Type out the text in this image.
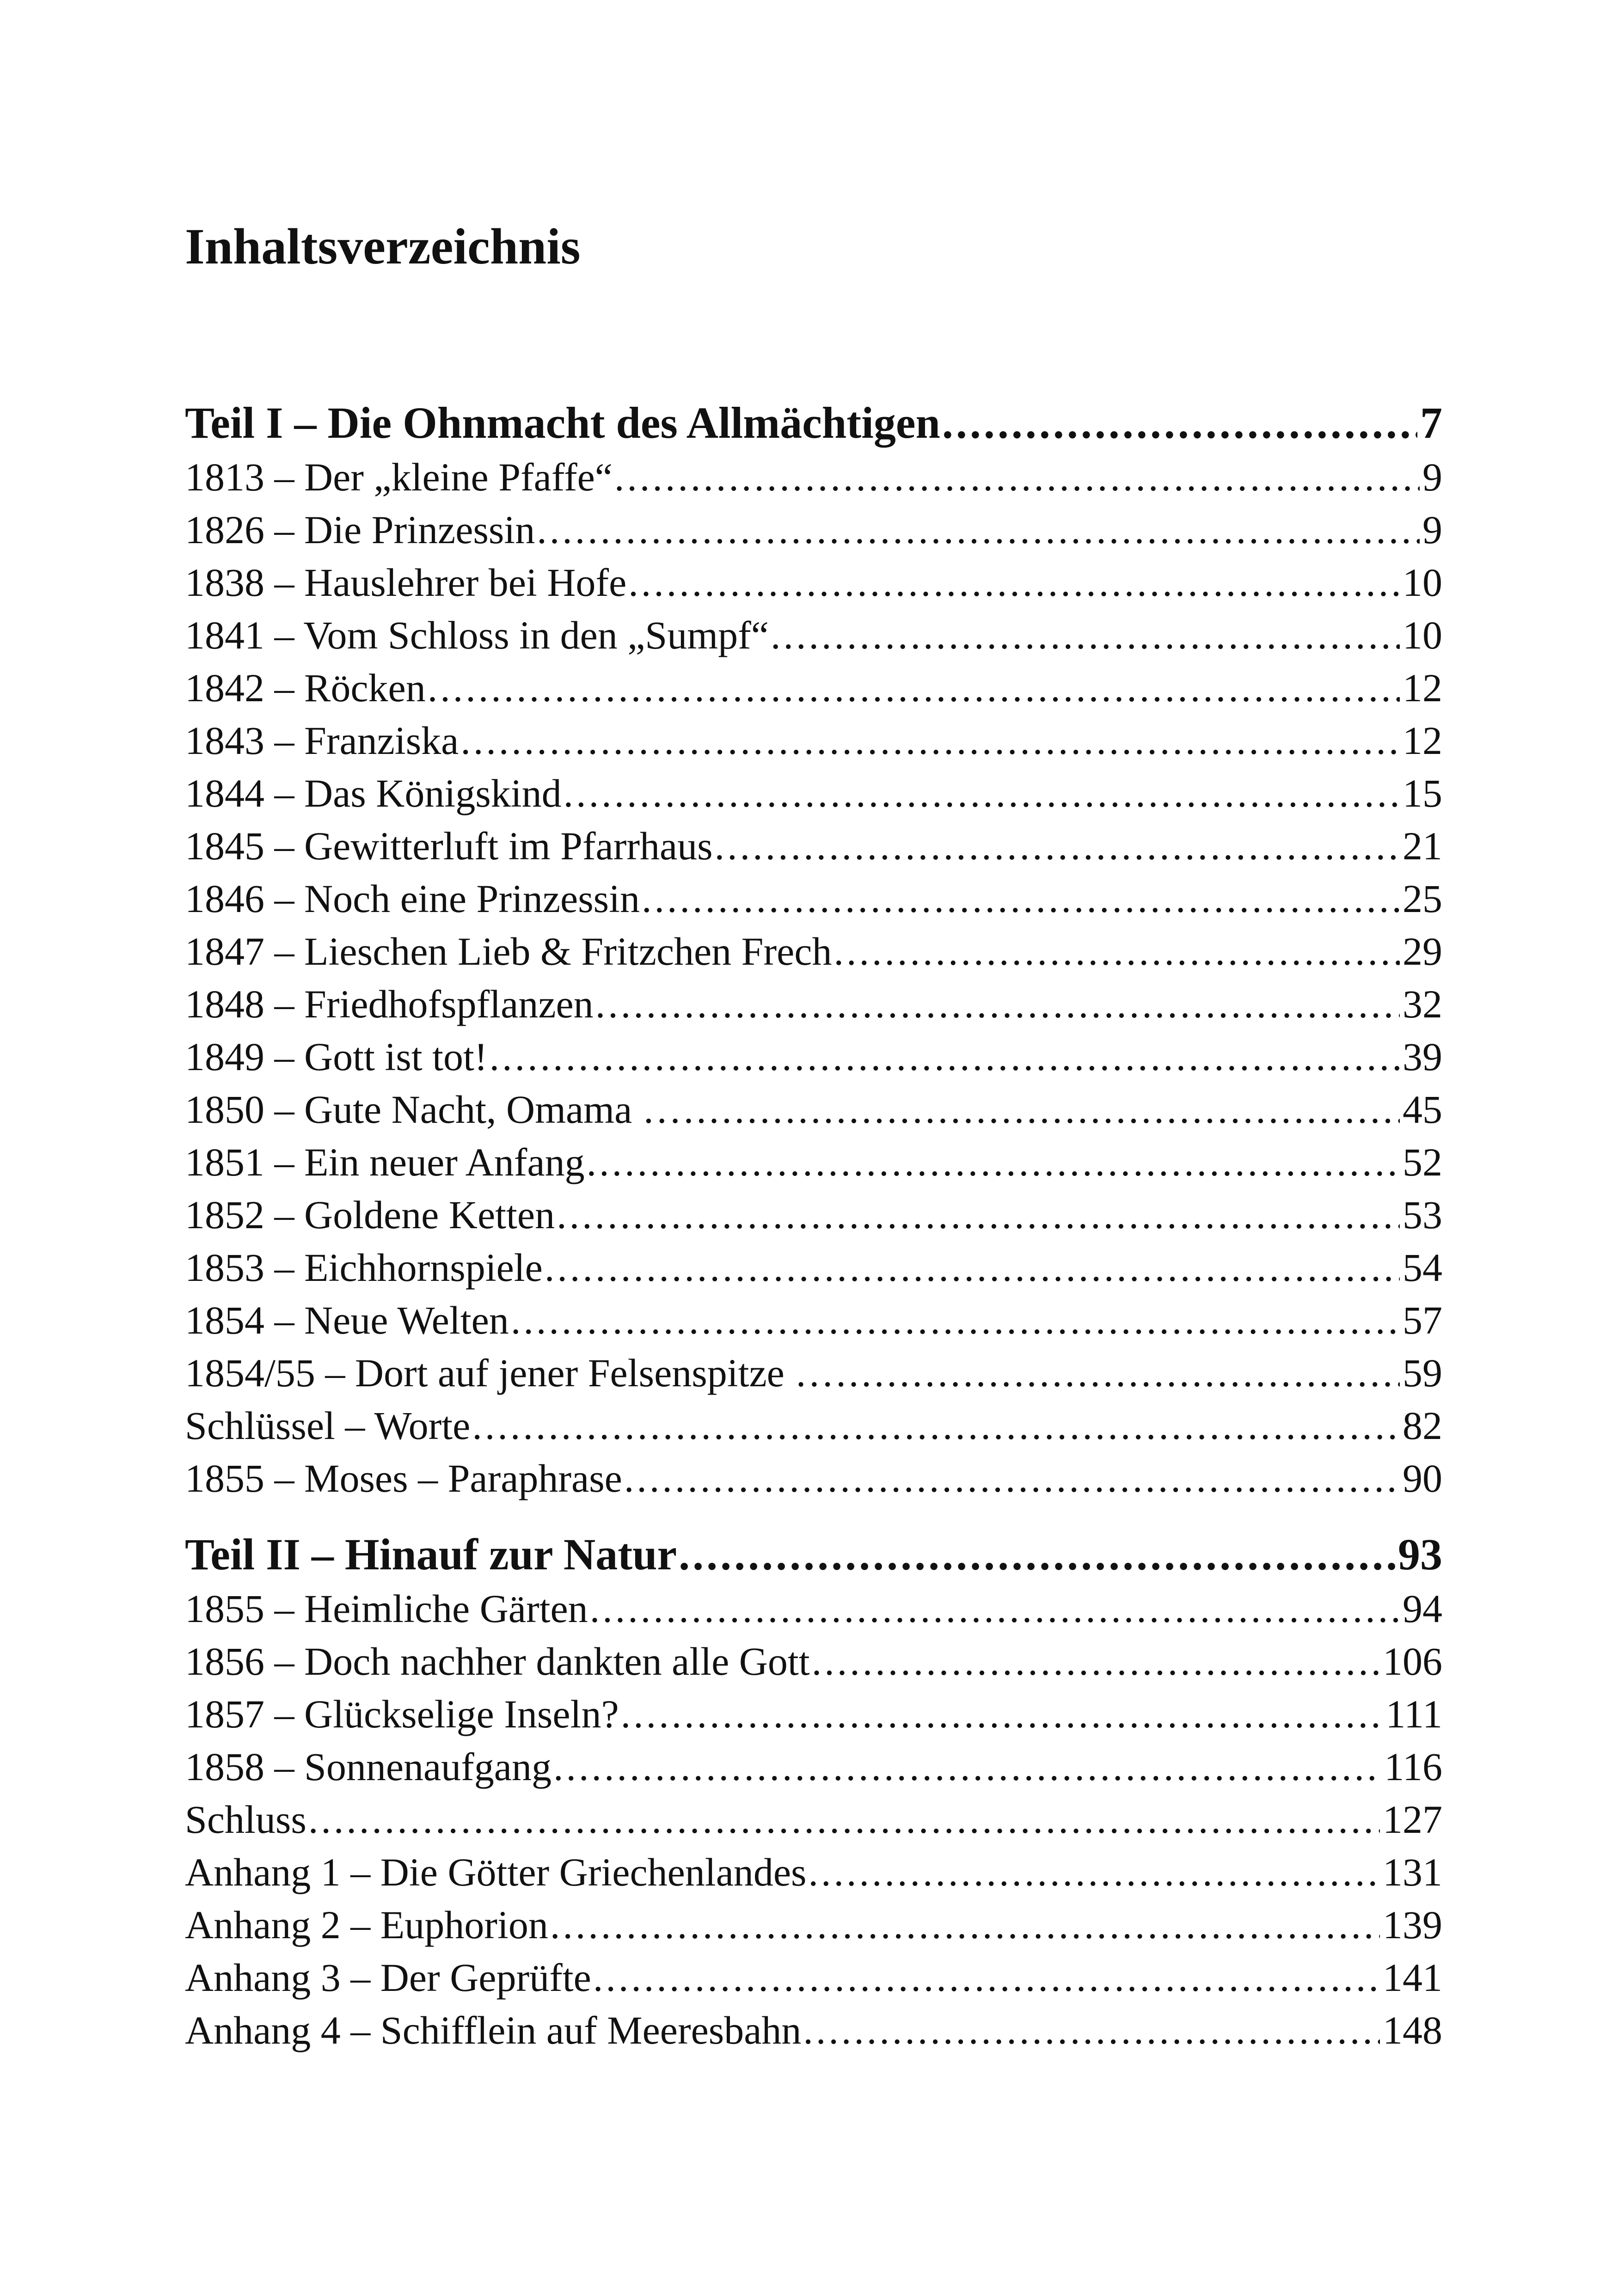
Inhaltsverzeichnis
Teil I – Die Ohnmacht des Allmächtigen .....	7
1813 – Der „kleine Pfaffe“ .....	9
1826 – Die Prinzessin .....	9
1838 – Hauslehrer bei Hofe .....	10
1841 – Vom Schloss in den „Sumpf“ .....	10
1842 – Röcken .....	12
1843 – Franziska .....	12
1844 – Das Königskind .....	15
1845 – Gewitterluft im Pfarrhaus .....	21
1846 – Noch eine Prinzessin .....	25
1847 – Lieschen Lieb & Fritzchen Frech .....	29
1848 – Friedhofspflanzen .....	32
1849 – Gott ist tot! .....	39
1850 – Gute Nacht, Omama … .....	45
1851 – Ein neuer Anfang .....	52
1852 – Goldene Ketten .....	53
1853 – Eichhornspiele .....	54
1854 – Neue Welten .....	57
1854/55 – Dort auf jener Felsenspitze … .....	59
Schlüssel – Worte .....	82
1855 – Moses – Paraphrase .....	90
Teil II – Hinauf zur Natur .....	93
1855 – Heimliche Gärten .....	94
1856 – Doch nachher dankten alle Gott .....	106
1857 – Glückselige Inseln? .....	111
1858 – Sonnenaufgang .....	116
Schluss .....	127
Anhang 1 – Die Götter Griechenlandes .....	131
Anhang 2 – Euphorion .....	139
Anhang 3 – Der Geprüfte .....	141
Anhang 4 – Schifflein auf Meeresbahn .....	148
